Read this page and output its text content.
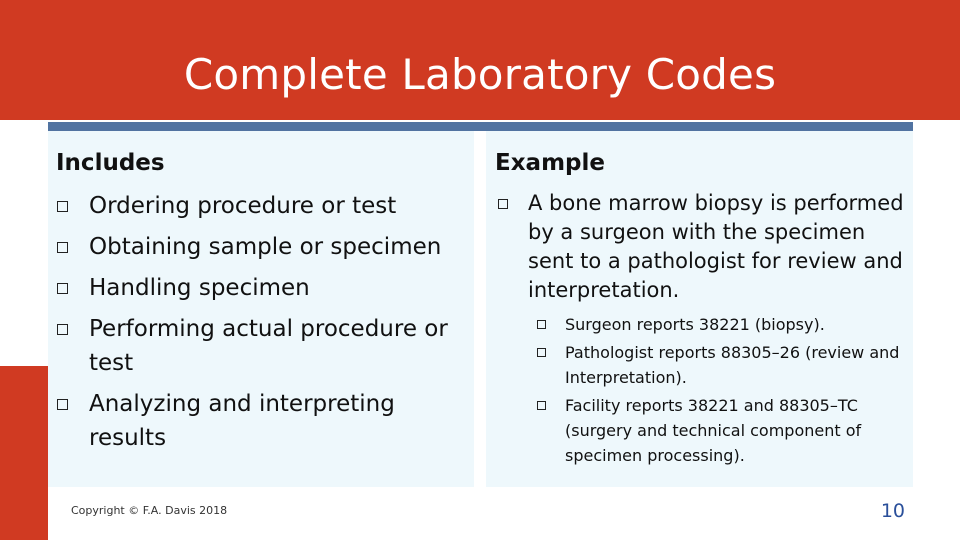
Complete Laboratory Codes
Includes
Ordering procedure or test
Obtaining sample or specimen
Handling specimen
Performing actual procedure or test
Analyzing and interpreting results
Example
A bone marrow biopsy is performed by a surgeon with the specimen sent to a pathologist for review and interpretation.
Surgeon reports 38221 (biopsy).
Pathologist reports 88305–26 (review and Interpretation).
Facility reports 38221 and 88305–TC (surgery and technical component of specimen processing).
Copyright © F.A. Davis 2018	10
